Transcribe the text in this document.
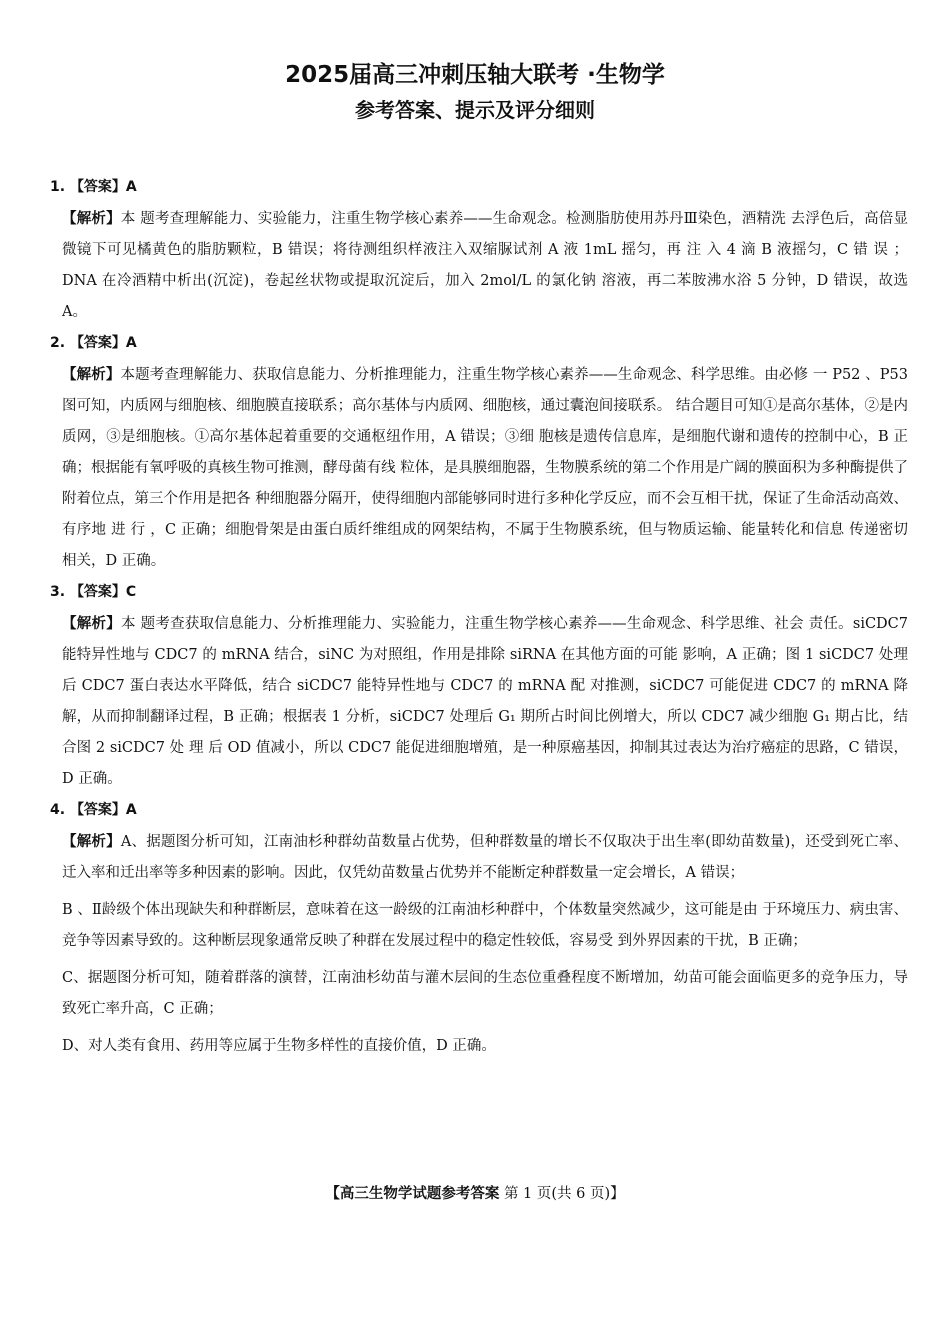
2025届高三冲刺压轴大联考 ·生物学
参考答案、提示及评分细则
1. 【答案】A

【解析】本 题考查理解能力、实验能力，注重生物学核心素养——生命观念。检测脂肪使用苏丹Ⅲ染色，酒精洗 去浮色后，高倍显微镜下可见橘黄色的脂肪颗粒，B 错误；将待测组织样液注入双缩脲试剂 A 液 1mL 摇匀，再 注 入 4 滴 B 液摇匀，C 错 误 ；DNA 在冷酒精中析出(沉淀)，卷起丝状物或提取沉淀后，加入 2mol/L 的氯化钠 溶液，再二苯胺沸水浴 5 分钟，D 错误，故选 A。

2. 【答案】A

【解析】本题考查理解能力、获取信息能力、分析推理能力，注重生物学核心素养——生命观念、科学思维。由必修 一 P52 、P53 图可知，内质网与细胞核、细胞膜直接联系；高尔基体与内质网、细胞核，通过囊泡间接联系。 结合题目可知①是高尔基体，②是内质网，③是细胞核。①高尔基体起着重要的交通枢纽作用，A 错误；③细 胞核是遗传信息库，是细胞代谢和遗传的控制中心，B 正确；根据能有氧呼吸的真核生物可推测，酵母菌有线 粒体，是具膜细胞器，生物膜系统的第二个作用是广阔的膜面积为多种酶提供了附着位点，第三个作用是把各 种细胞器分隔开，使得细胞内部能够同时进行多种化学反应，而不会互相干扰，保证了生命活动高效、有序地 进 行 ，C 正确；细胞骨架是由蛋白质纤维组成的网架结构，不属于生物膜系统，但与物质运输、能量转化和信息 传递密切相关，D 正确。

3. 【答案】C

【解析】本 题考查获取信息能力、分析推理能力、实验能力，注重生物学核心素养——生命观念、科学思维、社会 责任。siCDC7 能特异性地与 CDC7 的 mRNA 结合，siNC 为对照组，作用是排除 siRNA 在其他方面的可能 影响，A 正确；图 1 siCDC7 处理后 CDC7 蛋白表达水平降低，结合 siCDC7 能特异性地与 CDC7 的 mRNA 配 对推测，siCDC7 可能促进 CDC7 的 mRNA 降解，从而抑制翻译过程，B 正确；根据表 1 分析，siCDC7 处理后 G₁ 期所占时间比例增大，所以 CDC7 减少细胞 G₁ 期占比，结合图 2 siCDC7 处 理 后 OD 值减小，所以 CDC7 能促进细胞增殖，是一种原癌基因，抑制其过表达为治疗癌症的思路，C 错误，D 正确。

4. 【答案】A

【解析】A、据题图分析可知，江南油杉种群幼苗数量占优势，但种群数量的增长不仅取决于出生率(即幼苗数量)，还受到死亡率、迁入率和迁出率等多种因素的影响。因此，仅凭幼苗数量占优势并不能断定种群数量一定会增长，A 错误；

B 、Ⅱ龄级个体出现缺失和种群断层，意味着在这一龄级的江南油杉种群中，个体数量突然减少，这可能是由 于环境压力、病虫害、竞争等因素导致的。这种断层现象通常反映了种群在发展过程中的稳定性较低，容易受 到外界因素的干扰，B 正确；

C、据题图分析可知，随着群落的演替，江南油杉幼苗与灌木层间的生态位重叠程度不断增加，幼苗可能会面临更多的竞争压力，导致死亡率升高，C 正确；

D、对人类有食用、药用等应属于生物多样性的直接价值，D 正确。

【高三生物学试题参考答案 第 1 页(共 6 页)】
